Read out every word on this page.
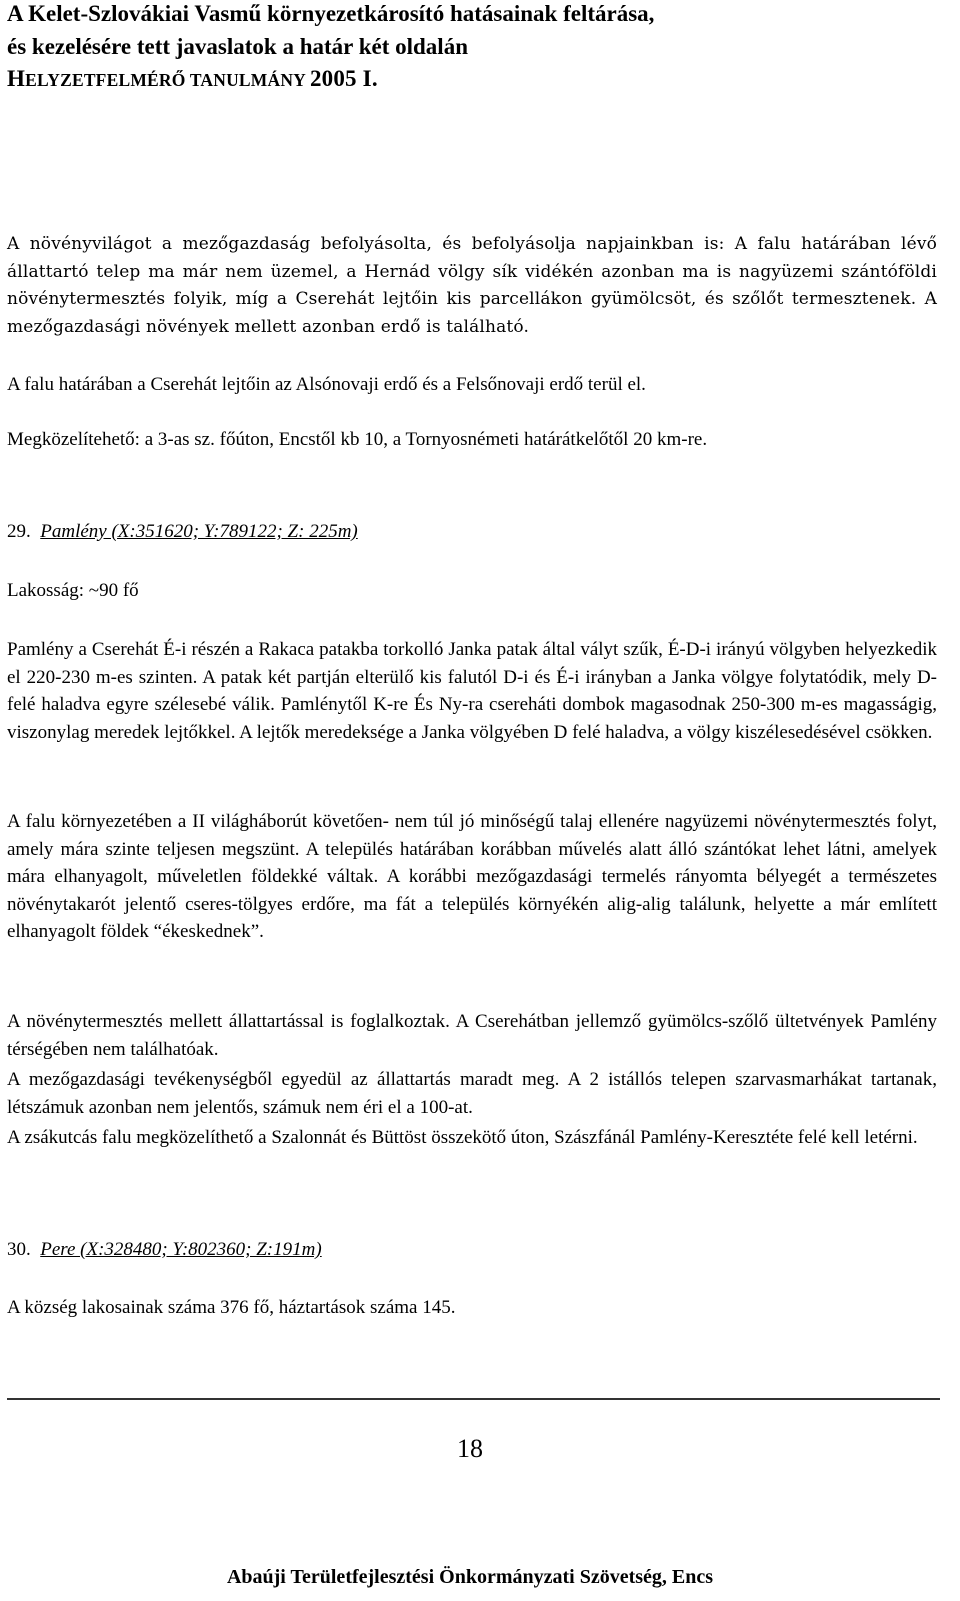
A Kelet-Szlovákiai Vasmű környezetkárosító hatásainak feltárása,
és kezelésére tett javaslatok a határ két oldalán
HELYZETFELMÉRŐ TANULMÁNY 2005 I.
A növényvilágot a mezőgazdaság befolyásolta, és befolyásolja napjainkban is: A falu határában lévő állattartó telep ma már nem üzemel, a Hernád völgy sík vidékén azonban ma is nagyüzemi szántóföldi növénytermesztés folyik, míg a Cserehát lejtőin kis parcellákon gyümölcsöt, és szőlőt termesztenek. A mezőgazdasági növények mellett azonban erdő is található.
A falu határában a Cserehát lejtőin az Alsónovaji erdő és a Felsőnovaji erdő terül el.
Megközelítehető: a 3-as sz. főúton, Encstől kb 10, a Tornyosnémeti határátkelőtől 20 km-re.
29. Pamlény (X:351620; Y:789122; Z: 225m)
Lakosság: ~90 fő
Pamlény a Cserehát É-i részén a Rakaca patakba torkolló Janka patak által vályt szűk, É-D-i irányú völgyben helyezkedik el 220-230 m-es szinten. A patak két partján elterülő kis falutól D-i és É-i irányban a Janka völgye folytatódik, mely D- felé haladva egyre szélesebé válik. Pamlénytől K-re És Ny-ra csereháti dombok magasodnak 250-300 m-es magasságig, viszonylag meredek lejtőkkel. A lejtők meredeksége a Janka völgyében D felé haladva, a völgy kiszélesedésével csökken.
A falu környezetében a II világháborút követően- nem túl jó minőségű talaj ellenére nagyüzemi növénytermesztés folyt, amely mára szinte teljesen megszünt. A település határában korábban művelés alatt álló szántókat lehet látni, amelyek mára elhanyagolt, műveletlen földekké váltak. A korábbi mezőgazdasági termelés rányomta bélyegét a természetes növénytakarót jelentő cseres-tölgyes erdőre, ma fát a település környékén alig-alig találunk, helyette a már említett elhanyagolt földek “ékeskednek”.
A növénytermesztés mellett állattartással is foglalkoztak. A Cserehátban jellemző gyümölcs-szőlő ültetvények Pamlény térségében nem találhatóak.
A mezőgazdasági tevékenységből egyedül az állattartás maradt meg. A 2 istállós telepen szarvasmarhákat tartanak, létszámuk azonban nem jelentős, számuk nem éri el a 100-at.
A zsákutcás falu megközelíthető a Szalonnát és Büttöst összekötő úton, Szászfánál Pamlény-Keresztéte felé kell letérni.
30. Pere (X:328480; Y:802360; Z:191m)
A község lakosainak száma 376 fő, háztartások száma 145.
18
Abaúji Területfejlesztési Önkormányzati Szövetség, Encs
